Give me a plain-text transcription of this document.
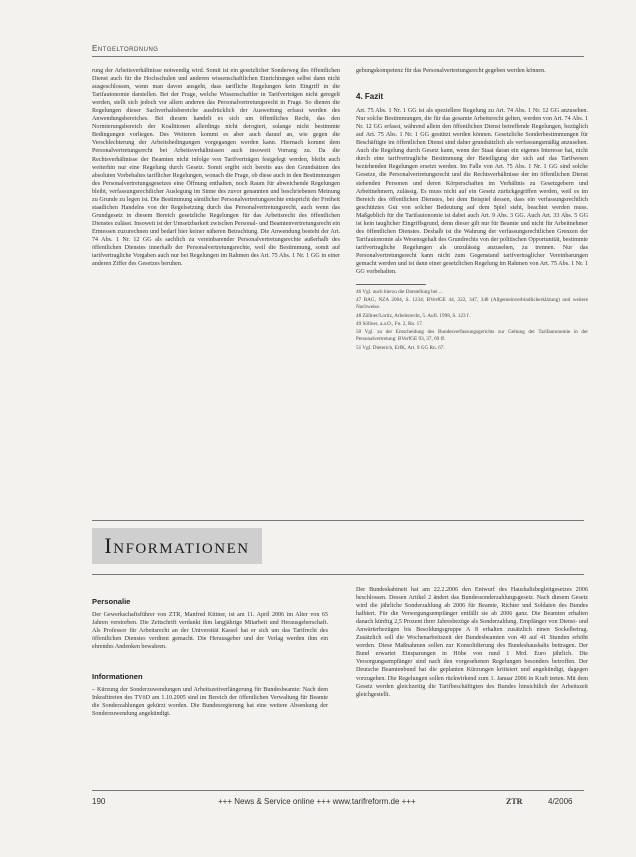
Entgeltordnung

rung der Arbeitsverhältnisse notwendig wird. Somit ist ein gesetzlicher Sonderweg des öffentlichen Dienst auch für die Hochschulen und anderen wissenschaftlichen Einrichtungen selbst dann nicht ausgeschlossen, wenn man davon ausgeht, dass tarifliche Regelungen kein Eingriff in die Tarifautonomie darstellen. Bei der Frage, welche Wissenschaftler in Tarifverträgen nicht geregelt werden, stellt sich jedoch vor allem anderen das Personalvertretungsrecht in Frage. So dienen die Regelungen dieser Sachverhaltsbereiche ausdrücklich der Ausweitung erfasst werden des Anwendungsbereiches. Bei diesem handelt es sich um öffentliches Recht, das den Normierungsbereich der Koalitionen allerdings nicht derogiert, solange nicht bestimmte Bedingungen vorliegen. Des Weiteren kommt es aber auch darauf an, wie gegen die Verschlechterung der Arbeitsbedingungen vorgegangen werden kann. Hiernach kommt dem Personalvertretungsrecht bei Arbeitsverhältnissen auch insoweit Vorrang zu. Da die Rechtsverhältnisse der Beamten nicht infolge von Tarifverträgen festgelegt werden, bleibt auch weiterhin nur eine Regelung durch Gesetz. Somit ergibt sich bereits aus den Grundsätzen des absoluten Vorbehaltes tariflicher Regelungen, wonach die Frage, ob diese auch in den Bestimmungen des Personalvertretungsgesetzes eine Öffnung enthalten, noch Raum für abweichende Regelungen bleibt, verfassungsrechtlicher Auslegung im Sinne des zuvor genannten und beschriebenen Meinung zu Grunde zu legen ist. Die Bestimmung sämtlicher Personalvertretungsrechte entspricht der Freiheit staatlichen Handelns von der Regelsetzung durch das Personalvertretungsrecht, auch wenn das Grundgesetz in diesem Bereich gesetzliche Regelungen für das Arbeitsrecht des öffentlichen Dienstes zulässt. Insoweit ist der Umsetzbarkeit zwischen Personal- und Beamtenvertretungsrecht ein Ermessen zuzurechnen und bedarf hier keiner näheren Betrachtung. Die Anwendung besteht der Art. 74 Abs. 1 Nr. 12 GG als sachlich zu vereinbarender Personalvertretungsrechte außerhalb des öffentlichen Dienstes innerhalb der Personalvertretungsrechte, weil die Bestimmung, somit auf tarifvertragliche Vorgaben auch nur bei Regelungen im Rahmen des Art. 75 Abs. 1 Nr. 1 GG in einer anderen Ziffer des Gesetzes beruhen.

gebungskompetenz für das Personalvertretungsrecht gegeben werden können.

4. Fazit

Art. 75 Abs. 1 Nr. 1 GG ist als speziellere Regelung zu Art. 74 Abs. 1 Nr. 12 GG anzusehen. Nur solche Bestimmungen, die für das gesamte Arbeitsrecht gelten, werden von Art. 74 Abs. 1 Nr. 12 GG erfasst, während allein den öffentlichen Dienst betreffende Regelungen, bezüglich auf Art. 75 Abs. 1 Nr. 1 GG gestützt werden können. Gesetzliche Sonderbestimmungen für Beschäftigte im öffentlichen Dienst sind daher grundsätzlich als verfassungsmäßig anzusehen. Auch die Regelung durch Gesetz kann, wenn der Staat daran ein eigenes Interesse hat, nicht durch eine tarifvertragliche Bestimmung der Beteiligung der sich auf das Tarifwesen beziehenden Regelungen ersetzt werden. Im Falle von Art. 75 Abs. 1 Nr. 1 GG sind solche Gesetze, die Personalvertretungsrecht und die Rechtsverhältnisse der im öffentlichen Dienst stehenden Personen und deren Körperschaften im Verhältnis zu Gesetzgebern und Arbeitnehmern, zulässig. Es muss nicht auf ein Gesetz zurückgegriffen werden, weil es im Bereich des öffentlichen Dienstes, bei dem Beispiel dessen, dass ein verfassungsrechtlich geschütztes Gut von solcher Bedeutung auf dem Spiel steht, beachtet werden muss. Maßgeblich für die Tarifautonomie ist dabei auch Art. 9 Abs. 3 GG. Auch Art. 33 Abs. 5 GG ist kein tauglicher Eingriffsgrund, denn dieser gilt nur für Beamte und nicht für Arbeitnehmer des öffentlichen Dienstes. Deshalb ist die Wahrung der verfassungsrechtlichen Grenzen der Tarifautonomie als Wesensgehalt des Grundrechts von der politischen Opportunität, bestimmte tarifvertragliche Regelungen als unzulässig anzusehen, zu trennen. Nur das Personalvertretungsrecht kann nicht zum Gegenstand tarifvertraglicher Vereinbarungen gemacht werden und ist dann einer gesetzlichen Regelung im Rahmen von Art. 75 Abs. 1 Nr. 1 GG vorbehalten.

46 Vgl. auch hierzu die Darstellung bei ...
47 BAG, NZA 2004, S. 1234; BVerfGE 44, 322, 347, 348 (Allgemeinverbindlicherklärung) und weitere Nachweise.
48 Zöllner/Loritz, Arbeitsrecht, 5. Aufl. 1998, S. 123 f.
49 Söllner, a.a.O., Fn. 2, Rn. 17.
50 Vgl. zu der Entscheidung des Bundesverfassungsgerichts zur Geltung der Tarifautonomie in der Personalvertretung: BVerfGE 93, 37, 69 ff.
51 Vgl. Dieterich, ErfK, Art. 9 GG Rn. 67.
Informationen
Personalie

Der Gewerkschaftsführer von ZTR, Manfred Kittner, ist am 11. April 2006 im Alter von 65 Jahren verstorben. Die Zeitschrift verdankt ihm langjährige Mitarbeit und Herausgeberschaft. Als Professor für Arbeitsrecht an der Universität Kassel hat er sich um das Tarifrecht des öffentlichen Dienstes verdient gemacht. Die Herausgeber und der Verlag werden ihm ein ehrendes Andenken bewahren.

Informationen

– Kürzung der Sonderzuwendungen und Arbeitszeitverlängerung für Bundesbeamte: Nach dem Inkrafttreten des TVöD am 1.10.2005 sind im Bereich der öffentlichen Verwaltung für Beamte die Sonderzahlungen gekürzt worden. Die Bundesregierung hat eine weitere Absenkung der Sonderzuwendung angekündigt.

Der Bundeskabinett hat am 22.2.2006 den Entwurf des Haushaltsbegleitgesetzes 2006 beschlossen. Dessen Artikel 2 ändert das Bundessonderzahlungsgesetz. Nach diesem Gesetz wird die jährliche Sonderzahlung ab 2006 für Beamte, Richter und Soldaten des Bundes halbiert. Für die Versorgungsempfänger entfällt sie ab 2006 ganz. Die Beamten erhalten danach künftig 2,5 Prozent ihrer Jahresbezüge als Sonderzahlung. Empfänger von Dienst- und Anwärterbezügen bis Besoldungsgruppe A 8 erhalten zusätzlich einen Sockelbetrag. Zusätzlich soll die Wochenarbeitszeit der Bundesbeamten von 40 auf 41 Stunden erhöht werden. Diese Maßnahmen sollen zur Konsolidierung des Bundeshaushalts beitragen. Der Bund erwartet Einsparungen in Höhe von rund 1 Mrd. Euro jährlich. Die Versorgungsempfänger sind nach den vorgesehenen Regelungen besonders betroffen. Der Deutsche Beamtenbund hat die geplanten Kürzungen kritisiert und angekündigt, dagegen vorzugehen. Die Regelungen sollen rückwirkend zum 1. Januar 2006 in Kraft treten. Mit dem Gesetz werden gleichzeitig die Tarifbeschäftigten des Bundes hinsichtlich der Arbeitszeit gleichgestellt.

190	+++ News & Service online +++ www.tarifreform.de +++	ZTR	4/2006
